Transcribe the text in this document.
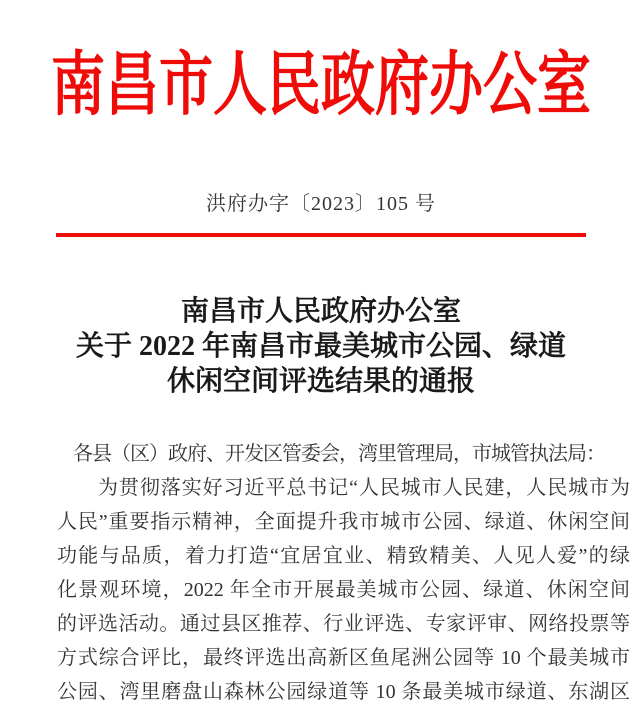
南昌市人民政府办公室
洪府办字〔2023〕105 号
南昌市人民政府办公室
关于 2022 年南昌市最美城市公园、绿道
休闲空间评选结果的通报
各县（区）政府、开发区管委会，湾里管理局，市城管执法局：
为贯彻落实好习近平总书记“人民城市人民建，人民城市为
人民”重要指示精神，全面提升我市城市公园、绿道、休闲空间
功能与品质，着力打造“宜居宜业、精致精美、人见人爱”的绿
化景观环境，2022 年全市开展最美城市公园、绿道、休闲空间
的评选活动。通过县区推荐、行业评选、专家评审、网络投票等
方式综合评比，最终评选出高新区鱼尾洲公园等 10 个最美城市
公园、湾里磨盘山森林公园绿道等 10 条最美城市绿道、东湖区
